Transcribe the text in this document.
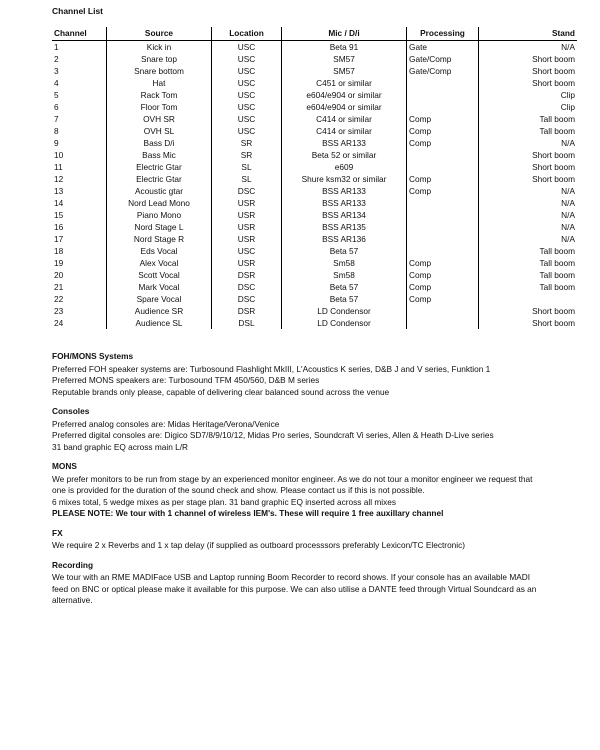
Channel List
Channel	Source	Location	Mic / D/i	Processing	Stand
1	Kick in	USC	Beta 91	Gate	N/A
2	Snare top	USC	SM57	Gate/Comp	Short boom
3	Snare bottom	USC	SM57	Gate/Comp	Short boom
4	Hat	USC	C451 or similar		Short boom
5	Rack Tom	USC	e604/e904 or similar		Clip
6	Floor Tom	USC	e604/e904 or similar		Clip
7	OVH SR	USC	C414 or similar	Comp	Tall boom
8	OVH SL	USC	C414 or similar	Comp	Tall boom
9	Bass D/i	SR	BSS AR133	Comp	N/A
10	Bass Mic	SR	Beta 52 or similar		Short boom
11	Electric Gtar	SL	e609		Short boom
12	Electric Gtar	SL	Shure ksm32 or similar	Comp	Short boom
13	Acoustic gtar	DSC	BSS AR133	Comp	N/A
14	Nord Lead Mono	USR	BSS AR133		N/A
15	Piano Mono	USR	BSS AR134		N/A
16	Nord Stage L	USR	BSS AR135		N/A
17	Nord Stage R	USR	BSS AR136		N/A
18	Eds Vocal	USC	Beta 57		Tall boom
19	Alex Vocal	USR	Sm58	Comp	Tall boom
20	Scott Vocal	DSR	Sm58	Comp	Tall boom
21	Mark Vocal	DSC	Beta 57	Comp	Tall boom
22	Spare Vocal	DSC	Beta 57	Comp	
23	Audience SR	DSR	LD Condensor		Short boom
24	Audience SL	DSL	LD Condensor		Short boom
FOH/MONS Systems

Preferred FOH speaker systems are: Turbosound Flashlight MkIII, L'Acoustics K series, D&B J and V series, Funktion 1

Preferred MONS speakers are: Turbosound TFM 450/560, D&B M series

Reputable brands only please, capable of delivering clear balanced sound across the venue

Consoles

Preferred analog consoles are: Midas Heritage/Verona/Venice

Preferred digital consoles are: Digico SD7/8/9/10/12, Midas Pro series, Soundcraft Vi series, Allen & Heath D-Live series

31 band graphic EQ across main L/R

MONS

We prefer monitors to be run from stage by an experienced monitor engineer. As we do not tour a monitor engineer we request that one is provided for the duration of the sound check and show. Please contact us if this is not possible.

6 mixes total, 5 wedge mixes as per stage plan. 31 band graphic EQ inserted across all mixes

PLEASE NOTE: We tour with 1 channel of wireless IEM's. These will require 1 free auxillary channel

FX

We require 2 x Reverbs and 1 x tap delay (if supplied as outboard processsors preferably Lexicon/TC Electronic)

Recording

We tour with an RME MADIFace USB and Laptop running Boom Recorder to record shows. If your console has an available MADI feed on BNC or optical please make it available for this purpose. We can also utilise a DANTE feed through Virtual Soundcard as an alternative.
